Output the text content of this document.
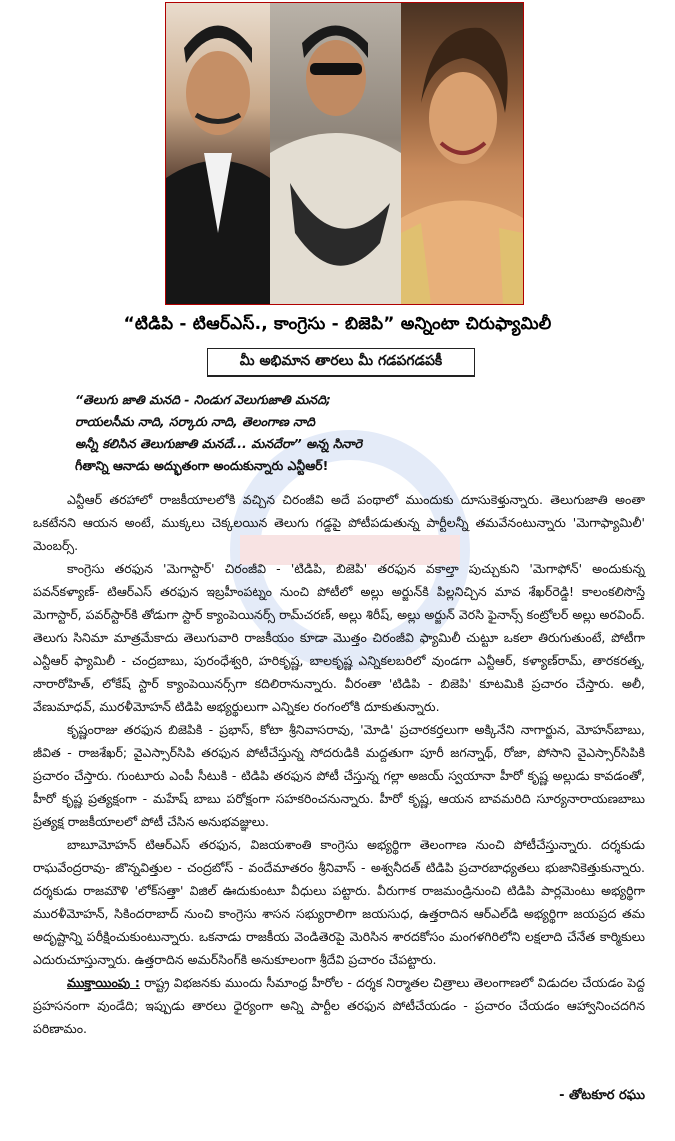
“టిడిపి - టిఆర్ఎస్., కాంగ్రెసు - బిజెపి” అన్నింటా చిరుఫ్యామిలీ
మీ అభిమాన తారలు మీ గడపగడపకీ
“తెలుగు జాతి మనది - నిండుగ వెలుగుజాతి మనది;
రాయలసీమ నాది, సర్కారు నాది, తెలంగాణ నాది
అన్నీ కలిసిన తెలుగుజాతి మనదే... మనదేరా” అన్న సినారె
గీతాన్ని ఆనాడు అద్భుతంగా అందుకున్నారు ఎన్టీఆర్!

ఎన్టీఆర్ తరహాలో రాజకీయాలలోకి వచ్చిన చిరంజీవి అదే పంథాలో ముందుకు దూసుకెళ్తున్నారు. తెలుగుజాతి అంతా ఒకటేనని ఆయన అంటే, ముక్కలు చెక్కలయిన తెలుగు గడ్డపై పోటీపడుతున్న పార్టీలన్నీ తమవేనంటున్నారు 'మెగాఫ్యామిలీ' మెంబర్స్.

కాంగ్రెసు తరఫున 'మెగాస్టార్' చిరంజీవి - 'టిడిపి, బిజెపి' తరఫున వకాల్తా పుచ్చుకుని 'మెగాఫోన్' అందుకున్న పవన్‌కళ్యాణ్- టిఆర్ఎస్ తరఫున ఇబ్రహీంపట్నం నుంచి పోటీలో అల్లు అర్జున్‌కి పిల్లనిచ్చిన మావ శేఖర్‌రెడ్డి! కాలంకలిసొస్తే మెగాస్టార్, పవర్‌స్టార్‌కి తోడుగా స్టార్ క్యాంపెయినర్స్ రామ్‌చరణ్, అల్లు శిరీష్, అల్లు అర్జున్ వెరసి ఫైనాన్స్ కంట్రోలర్ అల్లు అరవింద్. తెలుగు సినిమా మాత్రమేకాదు తెలుగువారి రాజకీయం కూడా మొత్తం చిరంజీవి ఫ్యామిలీ చుట్టూ ఒకలా తిరుగుతుంటే, పోటీగా ఎన్టీఆర్ ఫ్యామిలీ - చంద్రబాబు, పురంధేశ్వరి, హరికృష్ణ, బాలకృష్ణ ఎన్నికలబరిలో వుండగా ఎన్టీఆర్, కళ్యాణ్‌రామ్, తారకరత్న, నారారోహిత్, లోకేష్ స్టార్ క్యాంపెయినర్స్‌గా కదిలిరానున్నారు. వీరంతా 'టిడిపి - బిజెపి' కూటమికి ప్రచారం చేస్తారు. అలీ, వేణుమాధవ్, మురళీమోహన్ టిడిపి అభ్యర్థులుగా ఎన్నికల రంగంలోకి దూకుతున్నారు.

కృష్ణంరాజు తరఫున బిజెపికి - ప్రభాస్, కోటా శ్రీనివాసరావు, 'మోడి' ప్రచారకర్తలుగా అక్కినేని నాగార్జున, మోహన్‌బాబు, జీవిత - రాజశేఖర్; వైఎస్సార్‌సిపి తరఫున పోటీచేస్తున్న సోదరుడికి మద్దతుగా పూరీ జగన్నాథ్, రోజా, పోసాని వైఎస్సార్‌సిపికి ప్రచారం చేస్తారు. గుంటూరు ఎంపీ సీటుకి - టిడిపి తరఫున పోటీ చేస్తున్న గల్లా అజయ్ స్వయానా హీరో కృష్ణ అల్లుడు కావడంతో, హీరో కృష్ణ ప్రత్యక్షంగా - మహేష్ బాబు పరోక్షంగా సహకరించనున్నారు. హీరో కృష్ణ, ఆయన బావమరిది సూర్యనారాయణబాబు ప్రత్యక్ష రాజకీయాలలో పోటీ చేసిన అనుభవజ్ఞులు.

బాబూమోహన్ టిఆర్ఎస్ తరఫున, విజయశాంతి కాంగ్రెసు అభ్యర్థిగా తెలంగాణ నుంచి పోటీచేస్తున్నారు. దర్శకుడు రాఘవేంద్రరావు- జొన్నవిత్తుల - చంద్రబోస్ - వందేమాతరం శ్రీనివాస్ - అశ్వనీదత్ టిడిపి ప్రచారబాధ్యతలు భుజానికెత్తుకున్నారు. దర్శకుడు రాజమౌళి 'లోక్‌సత్తా' విజిల్ ఊదుకుంటూ వీధులు పట్టారు. వీరుగాక రాజమండ్రినుంచి టిడిపి పార్లమెంటు అభ్యర్థిగా మురళీమోహన్, సికిందరాబాద్ నుంచి కాంగ్రెసు శాసన సభ్యురాలిగా జయసుధ, ఉత్తరాదిన ఆర్ఎల్‌డి అభ్యర్థిగా జయప్రద తమ అదృష్టాన్ని పరీక్షించుకుంటున్నారు. ఒకనాడు రాజకీయ వెండితెరపై మెరిసిన శారదకోసం మంగళగిరిలోని లక్షలాది చేనేత కార్మికులు ఎదురుచూస్తున్నారు. ఉత్తరాదిన అమర్‌సింగ్‌కి అనుకూలంగా శ్రీదేవి ప్రచారం చేపట్టారు.

ముక్తాయింపు : రాష్ట్ర విభజనకు ముందు సీమాంధ్ర హీరోల - దర్శక నిర్మాతల చిత్రాలు తెలంగాణలో విడుదల చేయడం పెద్ద ప్రహసనంగా వుండేది; ఇప్పుడు తారలు ధైర్యంగా అన్ని పార్టీల తరఫున పోటీచేయడం - ప్రచారం చేయడం ఆహ్వానించదగిన పరిణామం.

- తోటకూర రఘు
